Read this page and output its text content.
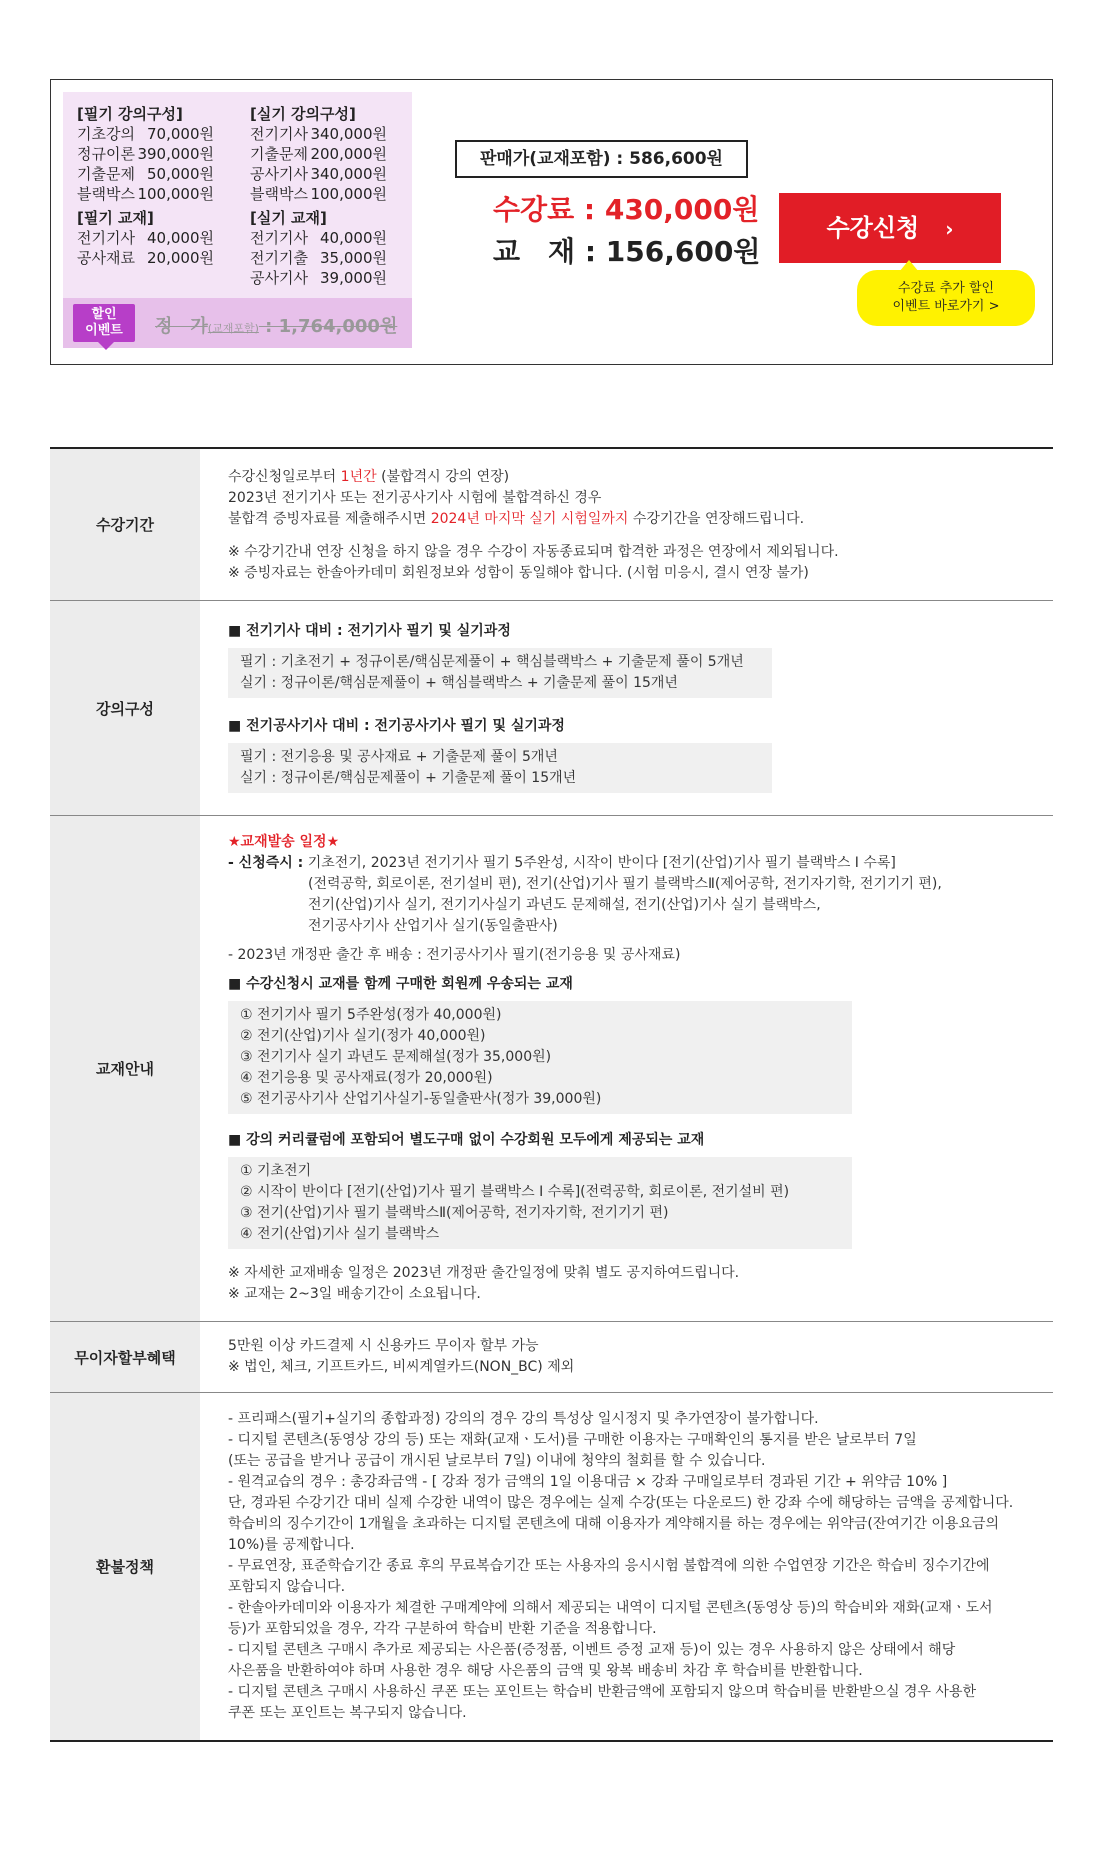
[필기 강의구성]
기초강의 70,000원
정규이론 390,000원
기출문제 50,000원
블랙박스 100,000원
[실기 강의구성]
전기기사 340,000원
기출문제 200,000원
공사기사 340,000원
블랙박스 100,000원
[필기 교재]
전기기사 40,000원
공사재료 20,000원
[실기 교재]
전기기사 40,000원
전기기출 35,000원
공사기사 39,000원
할인
이벤트	정　가(교재포함) : 1,764,000원
판매가(교재포함) : 586,600원
수강료 : 430,000원
교　재 : 156,600원
수강신청 ›
수강료 추가 할인
이벤트 바로가기 >
수강기간
수강신청일로부터 1년간 (불합격시 강의 연장)
2023년 전기기사 또는 전기공사기사 시험에 불합격하신 경우
불합격 증빙자료를 제출해주시면 2024년 마지막 실기 시험일까지 수강기간을 연장해드립니다.
※ 수강기간내 연장 신청을 하지 않을 경우 수강이 자동종료되며 합격한 과정은 연장에서 제외됩니다.
※ 증빙자료는 한솔아카데미 회원정보와 성함이 동일해야 합니다. (시험 미응시, 결시 연장 불가)
강의구성
■ 전기기사 대비 : 전기기사 필기 및 실기과정
필기 : 기초전기 + 정규이론/핵심문제풀이 + 핵심블랙박스 + 기출문제 풀이 5개년
실기 : 정규이론/핵심문제풀이 + 핵심블랙박스 + 기출문제 풀이 15개년
■ 전기공사기사 대비 : 전기공사기사 필기 및 실기과정
필기 : 전기응용 및 공사재료 + 기출문제 풀이 5개년
실기 : 정규이론/핵심문제풀이 + 기출문제 풀이 15개년
교재안내
★교재발송 일정★
- 신청즉시 : 기초전기, 2023년 전기기사 필기 5주완성, 시작이 반이다 [전기(산업)기사 필기 블랙박스 Ⅰ 수록]
(전력공학, 회로이론, 전기설비 편), 전기(산업)기사 필기 블랙박스Ⅱ(제어공학, 전기자기학, 전기기기 편),
전기(산업)기사 실기, 전기기사실기 과년도 문제해설, 전기(산업)기사 실기 블랙박스,
전기공사기사 산업기사 실기(동일출판사)
- 2023년 개정판 출간 후 배송 : 전기공사기사 필기(전기응용 및 공사재료)
■ 수강신청시 교재를 함께 구매한 회원께 우송되는 교재
① 전기기사 필기 5주완성(정가 40,000원)
② 전기(산업)기사 실기(정가 40,000원)
③ 전기기사 실기 과년도 문제해설(정가 35,000원)
④ 전기응용 및 공사재료(정가 20,000원)
⑤ 전기공사기사 산업기사실기-동일출판사(정가 39,000원)
■ 강의 커리큘럼에 포함되어 별도구매 없이 수강회원 모두에게 제공되는 교재
① 기초전기
② 시작이 반이다 [전기(산업)기사 필기 블랙박스 Ⅰ 수록](전력공학, 회로이론, 전기설비 편)
③ 전기(산업)기사 필기 블랙박스Ⅱ(제어공학, 전기자기학, 전기기기 편)
④ 전기(산업)기사 실기 블랙박스
※ 자세한 교재배송 일정은 2023년 개정판 출간일정에 맞춰 별도 공지하여드립니다.
※ 교재는 2~3일 배송기간이 소요됩니다.
무이자할부혜택
5만원 이상 카드결제 시 신용카드 무이자 할부 가능
※ 법인, 체크, 기프트카드, 비씨계열카드(NON_BC) 제외
환불정책
- 프리패스(필기+실기의 종합과정) 강의의 경우 강의 특성상 일시정지 및 추가연장이 불가합니다.
- 디지털 콘텐츠(동영상 강의 등) 또는 재화(교재ㆍ도서)를 구매한 이용자는 구매확인의 통지를 받은 날로부터 7일
(또는 공급을 받거나 공급이 개시된 날로부터 7일) 이내에 청약의 철회를 할 수 있습니다.
- 원격교습의 경우 : 총강좌금액 - [ 강좌 정가 금액의 1일 이용대금 × 강좌 구매일로부터 경과된 기간 + 위약금 10% ]
단, 경과된 수강기간 대비 실제 수강한 내역이 많은 경우에는 실제 수강(또는 다운로드) 한 강좌 수에 해당하는 금액을 공제합니다.
학습비의 징수기간이 1개월을 초과하는 디지털 콘텐츠에 대해 이용자가 계약해지를 하는 경우에는 위약금(잔여기간 이용요금의
10%)를 공제합니다.
- 무료연장, 표준학습기간 종료 후의 무료복습기간 또는 사용자의 응시시험 불합격에 의한 수업연장 기간은 학습비 징수기간에
포함되지 않습니다.
- 한솔아카데미와 이용자가 체결한 구매계약에 의해서 제공되는 내역이 디지털 콘텐츠(동영상 등)의 학습비와 재화(교재ㆍ도서
등)가 포함되었을 경우, 각각 구분하여 학습비 반환 기준을 적용합니다.
- 디지털 콘텐츠 구매시 추가로 제공되는 사은품(증정품, 이벤트 증정 교재 등)이 있는 경우 사용하지 않은 상태에서 해당
사은품을 반환하여야 하며 사용한 경우 해당 사은품의 금액 및 왕복 배송비 차감 후 학습비를 반환합니다.
- 디지털 콘텐츠 구매시 사용하신 쿠폰 또는 포인트는 학습비 반환금액에 포함되지 않으며 학습비를 반환받으실 경우 사용한
쿠폰 또는 포인트는 복구되지 않습니다.
